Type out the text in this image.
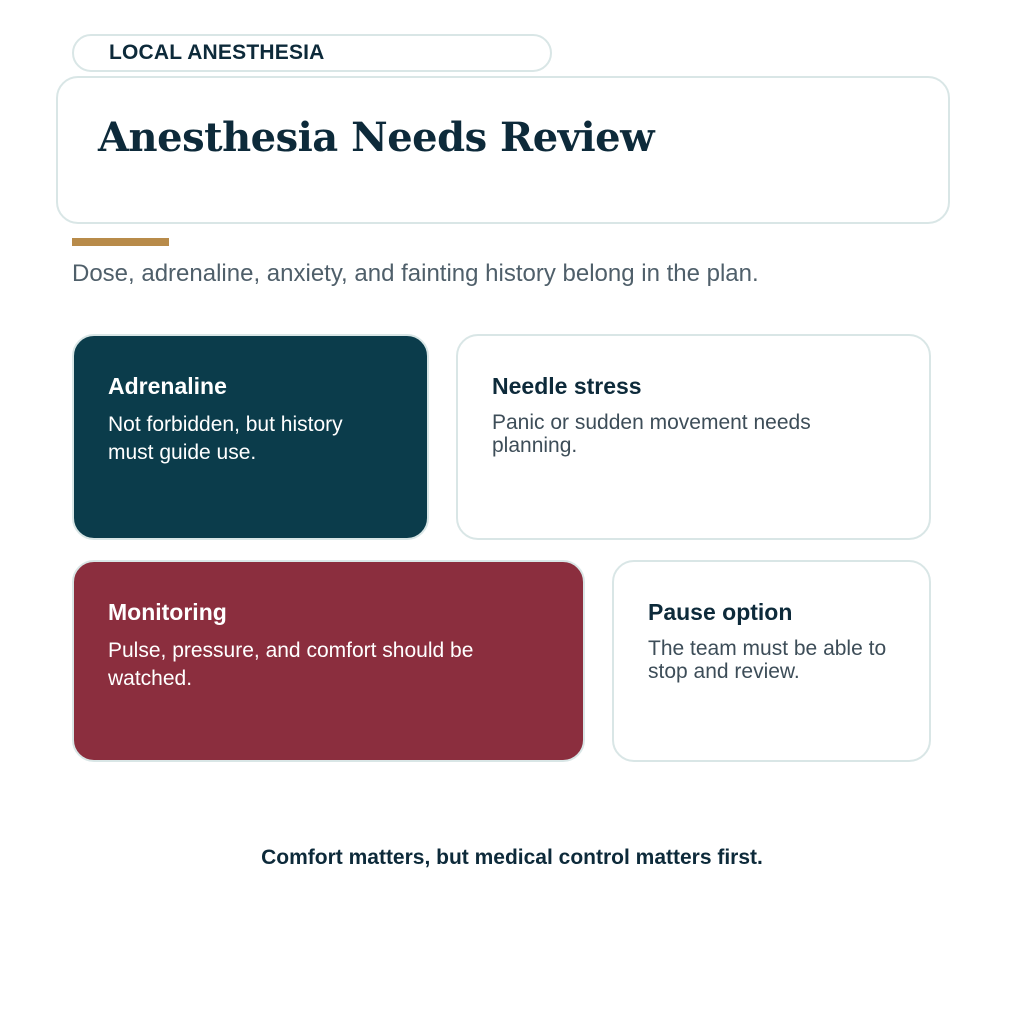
LOCAL ANESTHESIA
Anesthesia Needs Review
Dose, adrenaline, anxiety, and fainting history belong in the plan.

Adrenaline

Not forbidden, but history must guide use.

Needle stress

Panic or sudden movement needs planning.

Monitoring

Pulse, pressure, and comfort should be watched.

Pause option

The team must be able to stop and review.

Comfort matters, but medical control matters first.
